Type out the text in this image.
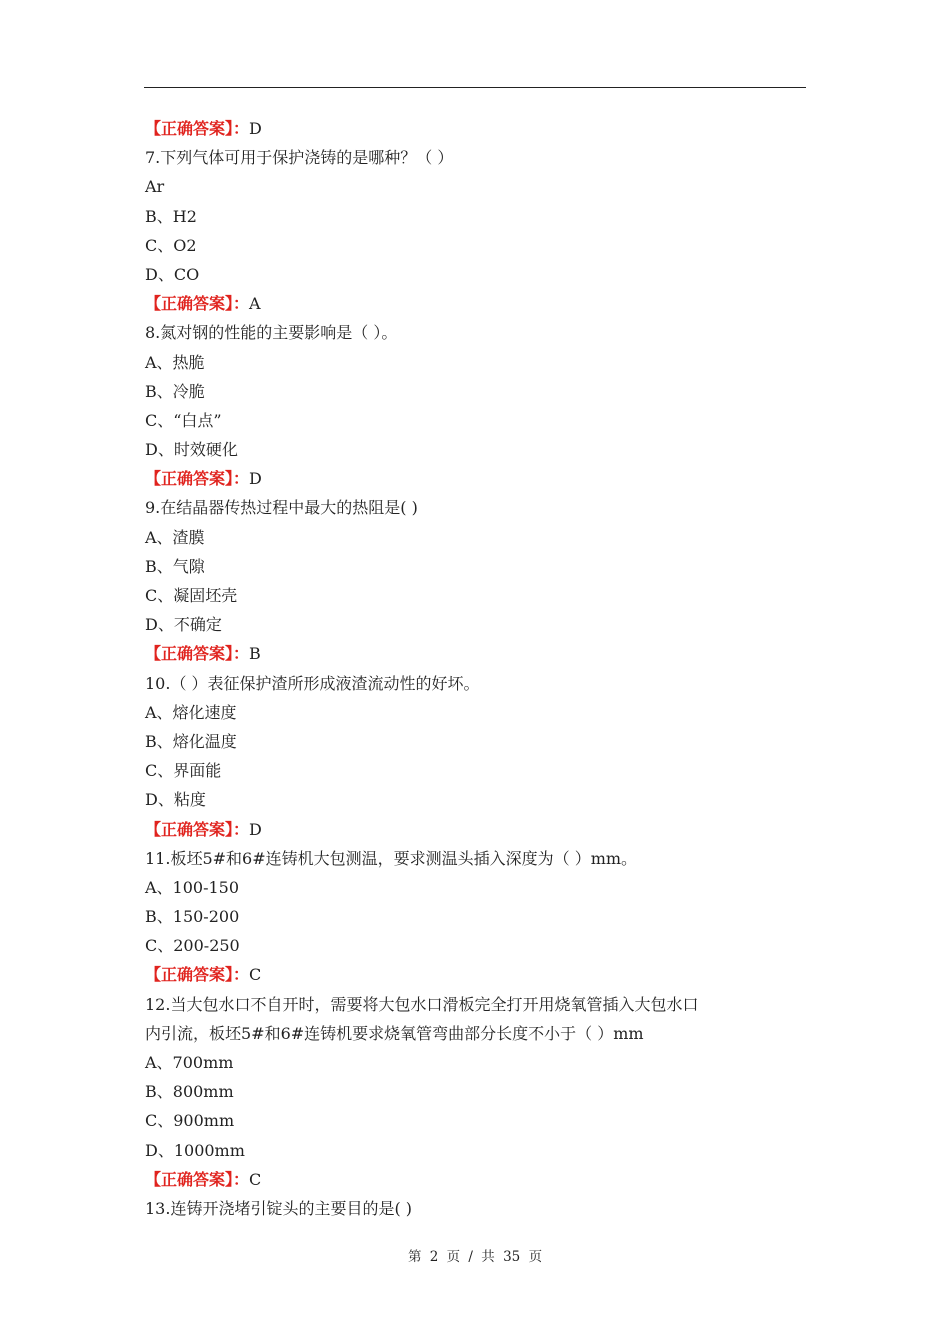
【正确答案】：D
7.下列气体可用于保护浇铸的是哪种？（ ）
Ar
B、H2
C、O2
D、CO
【正确答案】：A
8.氮对钢的性能的主要影响是（ ）。
A、热脆
B、冷脆
C、“白点”
D、时效硬化
【正确答案】：D
9.在结晶器传热过程中最大的热阻是( )
A、渣膜
B、气隙
C、凝固坯壳
D、不确定
【正确答案】：B
10.（ ）表征保护渣所形成液渣流动性的好坏。
A、熔化速度
B、熔化温度
C、界面能
D、粘度
【正确答案】：D
11.板坯5#和6#连铸机大包测温，要求测温头插入深度为（ ）mm。
A、100-150
B、150-200
C、200-250
【正确答案】：C
12.当大包水口不自开时，需要将大包水口滑板完全打开用烧氧管插入大包水口
内引流，板坯5#和6#连铸机要求烧氧管弯曲部分长度不小于（ ）mm
A、700mm
B、800mm
C、900mm
D、1000mm
【正确答案】：C
13.连铸开浇堵引锭头的主要目的是( )
第 2 页 / 共 35 页
